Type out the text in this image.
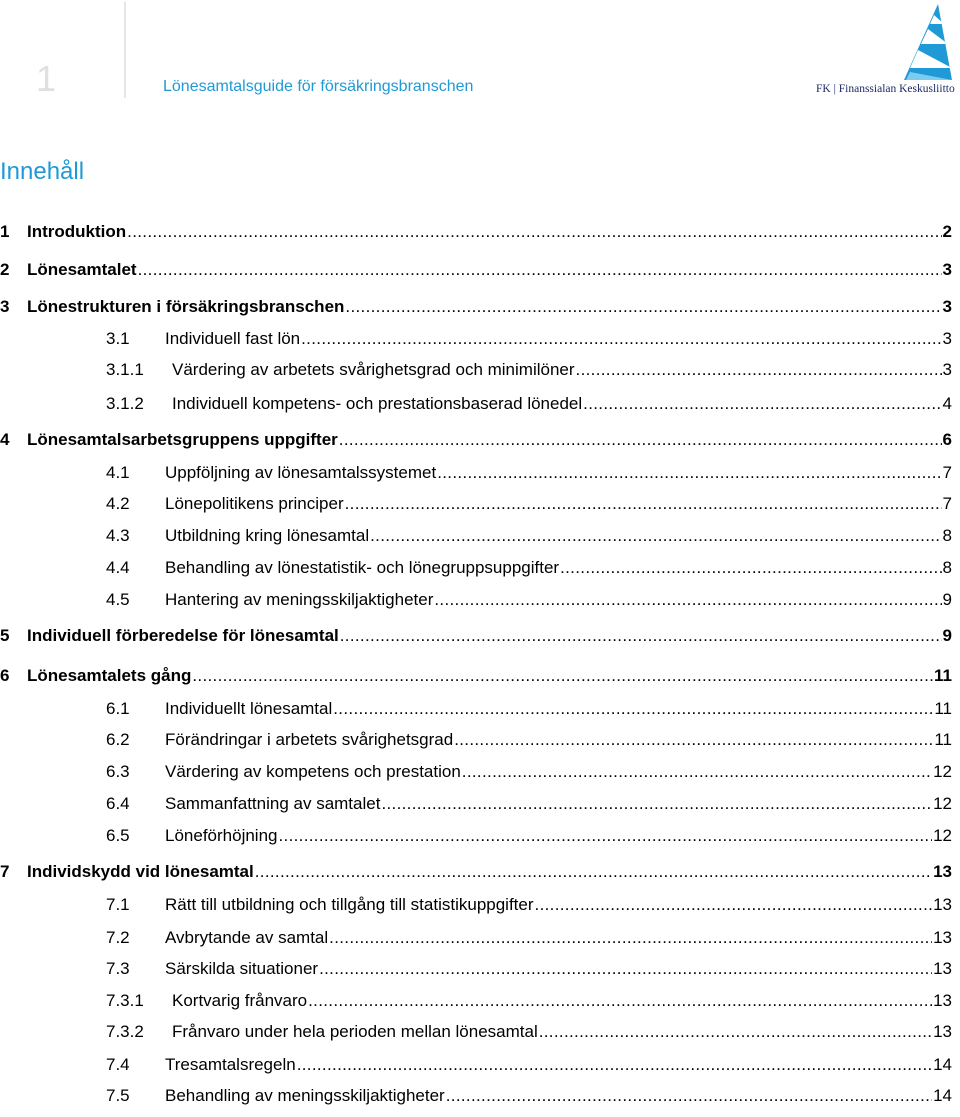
1	Lönesamtalsguide för försäkringsbranschen	FK | Finanssialan Keskusliitto
Innehåll
1	Introduktion . . .	2
2	Lönesamtalet . . .	3
3	Lönestrukturen i försäkringsbranschen . . .	3
3.1	Individuell fast lön . . .	3
3.1.1	Värdering av arbetets svårighetsgrad och minimilöner . . .	3
3.1.2	Individuell kompetens- och prestationsbaserad lönedel . . .	4
4	Lönesamtalsarbetsgruppens uppgifter . . .	6
4.1	Uppföljning av lönesamtalssystemet . . .	7
4.2	Lönepolitikens principer . . .	7
4.3	Utbildning kring lönesamtal . . .	8
4.4	Behandling av lönestatistik- och lönegruppsuppgifter . . .	8
4.5	Hantering av meningsskiljaktigheter . . .	9
5	Individuell förberedelse för lönesamtal . . .	9
6	Lönesamtalets gång . . .	11
6.1	Individuellt lönesamtal . . .	11
6.2	Förändringar i arbetets svårighetsgrad . . .	11
6.3	Värdering av kompetens och prestation . . .	12
6.4	Sammanfattning av samtalet . . .	12
6.5	Löneförhöjning . . .	12
7	Individskydd vid lönesamtal . . .	13
7.1	Rätt till utbildning och tillgång till statistikuppgifter . . .	13
7.2	Avbrytande av samtal . . .	13
7.3	Särskilda situationer . . .	13
7.3.1	Kortvarig frånvaro . . .	13
7.3.2	Frånvaro under hela perioden mellan lönesamtal . . .	13
7.4	Tresamtalsregeln . . .	14
7.5	Behandling av meningsskiljaktigheter . . .	14
